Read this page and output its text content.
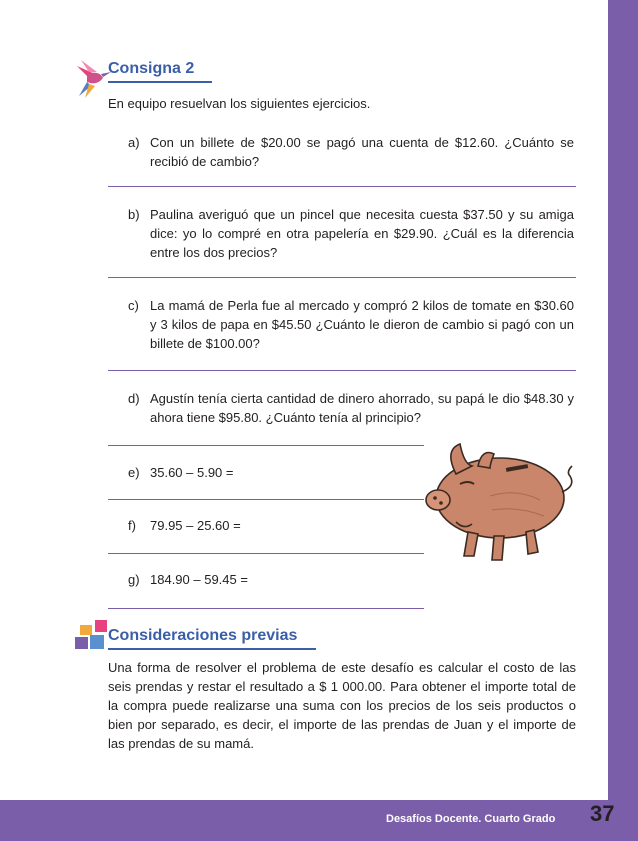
Consigna 2
En equipo resuelvan los siguientes ejercicios.
a) Con un billete de $20.00 se pagó una cuenta de $12.60. ¿Cuánto se recibió de cambio?
b) Paulina averiguó que un pincel que necesita cuesta $37.50 y su amiga dice: yo lo compré en otra papelería en $29.90. ¿Cuál es la diferencia entre los dos precios?
c) La mamá de Perla fue al mercado y compró 2 kilos de tomate en $30.60 y 3 kilos de papa en $45.50 ¿Cuánto le dieron de cambio si pagó con un billete de $100.00?
d) Agustín tenía cierta cantidad de dinero ahorrado, su papá le dio $48.30 y ahora tiene $95.80. ¿Cuánto tenía al principio?
e) 35.60 – 5.90 =
f) 79.95 – 25.60 =
g) 184.90 – 59.45 =
Consideraciones previas
Una forma de resolver el problema de este desafío es calcular el costo de las seis prendas y restar el resultado a $ 1 000.00. Para obtener el importe total de la compra puede realizarse una suma con los precios de los seis productos o bien por separado, es decir, el importe de las prendas de Juan y el importe de las prendas de su mamá.
Desafíos Docente. Cuarto Grado 37
